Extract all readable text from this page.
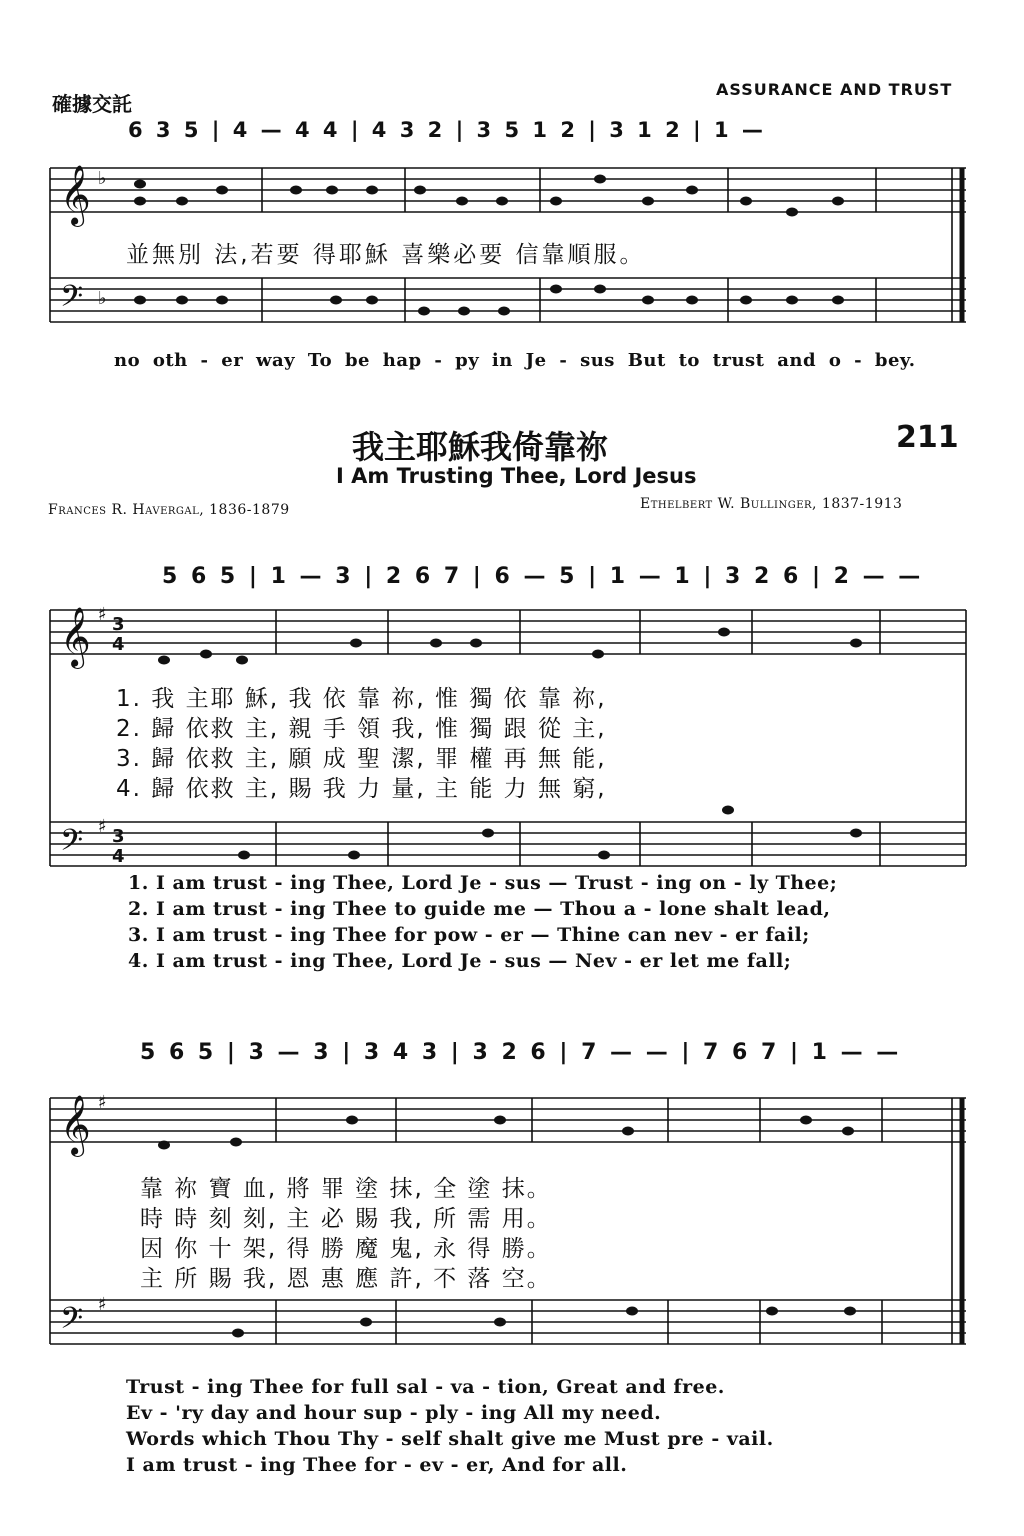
確據交託
ASSURANCE AND TRUST
6 3 5 | 4 — 4 4 | 4 3 2 | 3 5 1 2 | 3 1 2 | 1 —
𝄞
𝄢
𝄞
𝄢
𝄞
𝄢
3
4
3
4
♯
♯
♯
♯
♭
♭
並無別 法,若要 得耶穌 喜樂必要 信靠順服。
no oth - er way To be hap - py in Je - sus But to trust and o - bey.
我主耶穌我倚靠祢	211
I Am Trusting Thee, Lord Jesus
Frances R. Havergal, 1836-1879	Ethelbert W. Bullinger, 1837-1913
5 6 5 | 1 — 3 | 2 6 7 | 6 — 5 | 1 — 1 | 3 2 6 | 2 — —
1. 我 主耶 穌, 我 依 靠 祢, 惟 獨 依 靠 祢,
2. 歸 依救 主, 親 手 領 我, 惟 獨 跟 從 主,
3. 歸 依救 主, 願 成 聖 潔, 罪 權 再 無 能,
4. 歸 依救 主, 賜 我 力 量, 主 能 力 無 窮,
1. I am trust - ing Thee, Lord Je - sus — Trust - ing on - ly Thee;
2. I am trust - ing Thee to guide me — Thou a - lone shalt lead,
3. I am trust - ing Thee for pow - er — Thine can nev - er fail;
4. I am trust - ing Thee, Lord Je - sus — Nev - er let me fall;
5 6 5 | 3 — 3 | 3 4 3 | 3 2 6 | 7 — — | 7 6 7 | 1 — —
靠 祢 寶 血, 將 罪 塗 抹, 全 塗 抹。
時 時 刻 刻, 主 必 賜 我, 所 需 用。
因 你 十 架, 得 勝 魔 鬼, 永 得 勝。
主 所 賜 我, 恩 惠 應 許, 不 落 空。
Trust - ing Thee for full sal - va - tion, Great and free.
Ev - 'ry day and hour sup - ply - ing All my need.
Words which Thou Thy - self shalt give me Must pre - vail.
I am trust - ing Thee for - ev - er, And for all.
